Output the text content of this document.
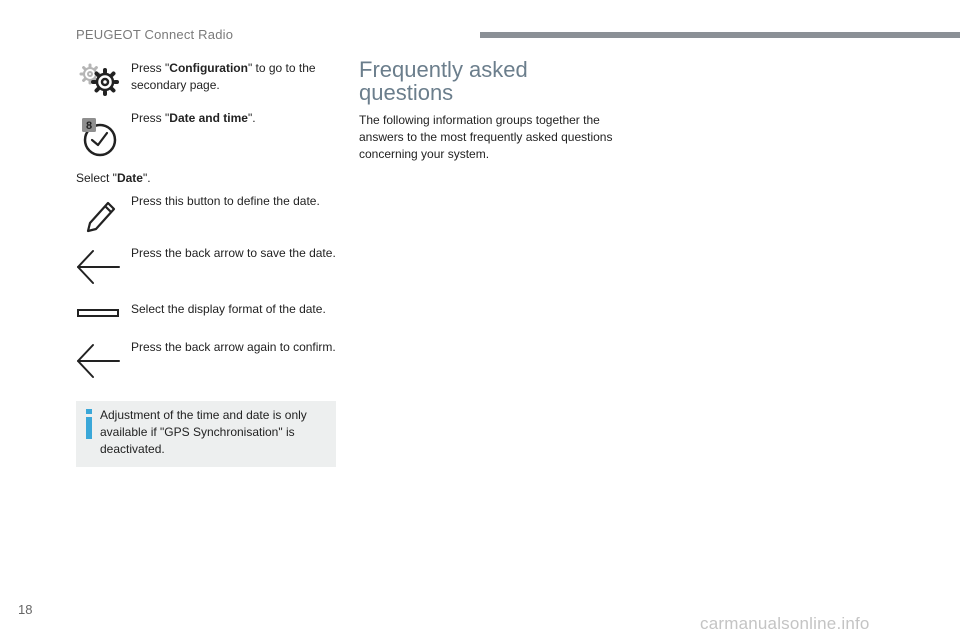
PEUGEOT Connect Radio
Press "Configuration" to go to the secondary page.
8
Press "Date and time".
Select "Date".
Press this button to define the date.
Press the back arrow to save the date.
Select the display format of the date.
Press the back arrow again to confirm.
Adjustment of the time and date is only available if "GPS Synchronisation" is deactivated.
Frequently asked
questions
The following information groups together the answers to the most frequently asked questions concerning your system.
18
carmanualsonline.info
